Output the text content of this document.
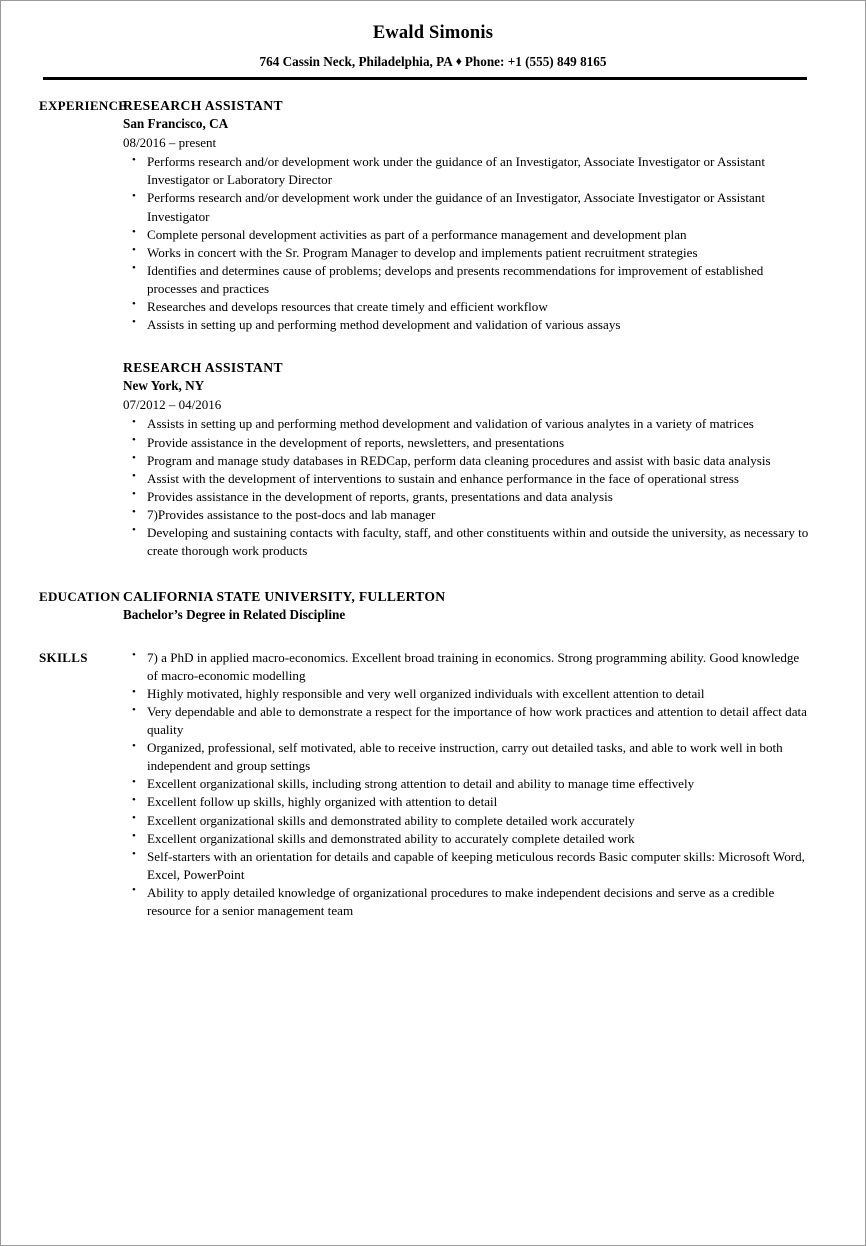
Ewald Simonis
764 Cassin Neck, Philadelphia, PA ♦ Phone: +1 (555) 849 8165
EXPERIENCE
RESEARCH ASSISTANT
San Francisco, CA
08/2016 – present
• Performs research and/or development work under the guidance of an Investigator, Associate Investigator or Assistant Investigator or Laboratory Director
• Performs research and/or development work under the guidance of an Investigator, Associate Investigator or Assistant Investigator
• Complete personal development activities as part of a performance management and development plan
• Works in concert with the Sr. Program Manager to develop and implements patient recruitment strategies
• Identifies and determines cause of problems; develops and presents recommendations for improvement of established processes and practices
• Researches and develops resources that create timely and efficient workflow
• Assists in setting up and performing method development and validation of various assays
RESEARCH ASSISTANT
New York, NY
07/2012 – 04/2016
• Assists in setting up and performing method development and validation of various analytes in a variety of matrices
• Provide assistance in the development of reports, newsletters, and presentations
• Program and manage study databases in REDCap, perform data cleaning procedures and assist with basic data analysis
• Assist with the development of interventions to sustain and enhance performance in the face of operational stress
• Provides assistance in the development of reports, grants, presentations and data analysis
• 7)Provides assistance to the post-docs and lab manager
• Developing and sustaining contacts with faculty, staff, and other constituents within and outside the university, as necessary to create thorough work products
EDUCATION CALIFORNIA STATE UNIVERSITY, FULLERTON
Bachelor’s Degree in Related Discipline
SKILLS	• 7) a PhD in applied macro-economics. Excellent broad training in economics. Strong programming ability. Good knowledge of macro-economic modelling
• Highly motivated, highly responsible and very well organized individuals with excellent attention to detail
• Very dependable and able to demonstrate a respect for the importance of how work practices and attention to detail affect data quality
• Organized, professional, self motivated, able to receive instruction, carry out detailed tasks, and able to work well in both independent and group settings
• Excellent organizational skills, including strong attention to detail and ability to manage time effectively
• Excellent follow up skills, highly organized with attention to detail
• Excellent organizational skills and demonstrated ability to complete detailed work accurately
• Excellent organizational skills and demonstrated ability to accurately complete detailed work
• Self-starters with an orientation for details and capable of keeping meticulous records Basic computer skills: Microsoft Word, Excel, PowerPoint
• Ability to apply detailed knowledge of organizational procedures to make independent decisions and serve as a credible resource for a senior management team
